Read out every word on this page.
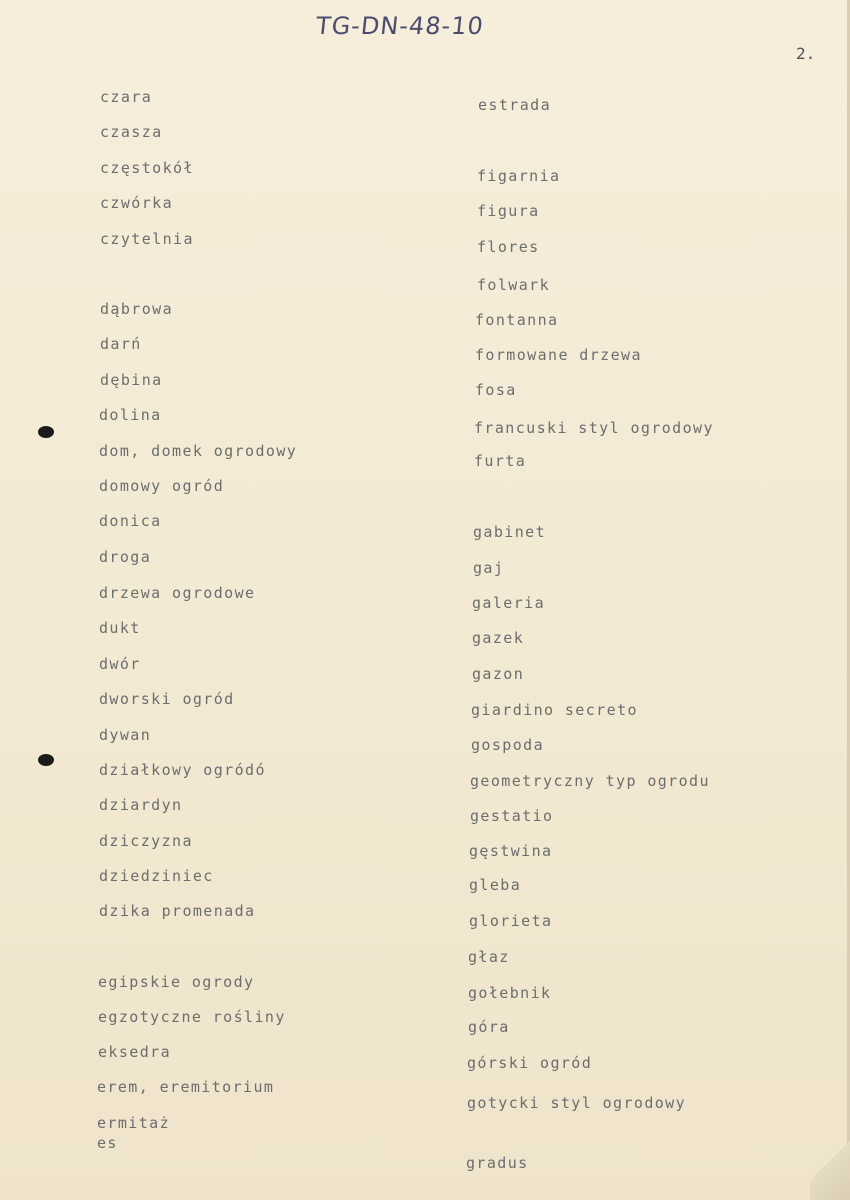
TG-DN-48-10
2.
czara
czasza
częstokół
czwórka
czytelnia
dąbrowa
darń
dębina
dolina
dom, domek ogrodowy
domowy ogród
donica
droga
drzewa ogrodowe
dukt
dwór
dworski ogród
dywan
działkowy ogródó
dziardyn
dziczyzna
dziedziniec
dzika promenada
egipskie ogrody
egzotyczne rośliny
eksedra
erem, eremitorium
ermitaż
es
estrada
figarnia
figura
flores
folwark
fontanna
formowane drzewa
fosa
francuski styl ogrodowy
furta
gabinet
gaj
galeria
gazek
gazon
giardino secreto
gospoda
geometryczny typ ogrodu
gestatio
gęstwina
gleba
glorieta
głaz
gołebnik
góra
górski ogród
gotycki styl ogrodowy
gradus
